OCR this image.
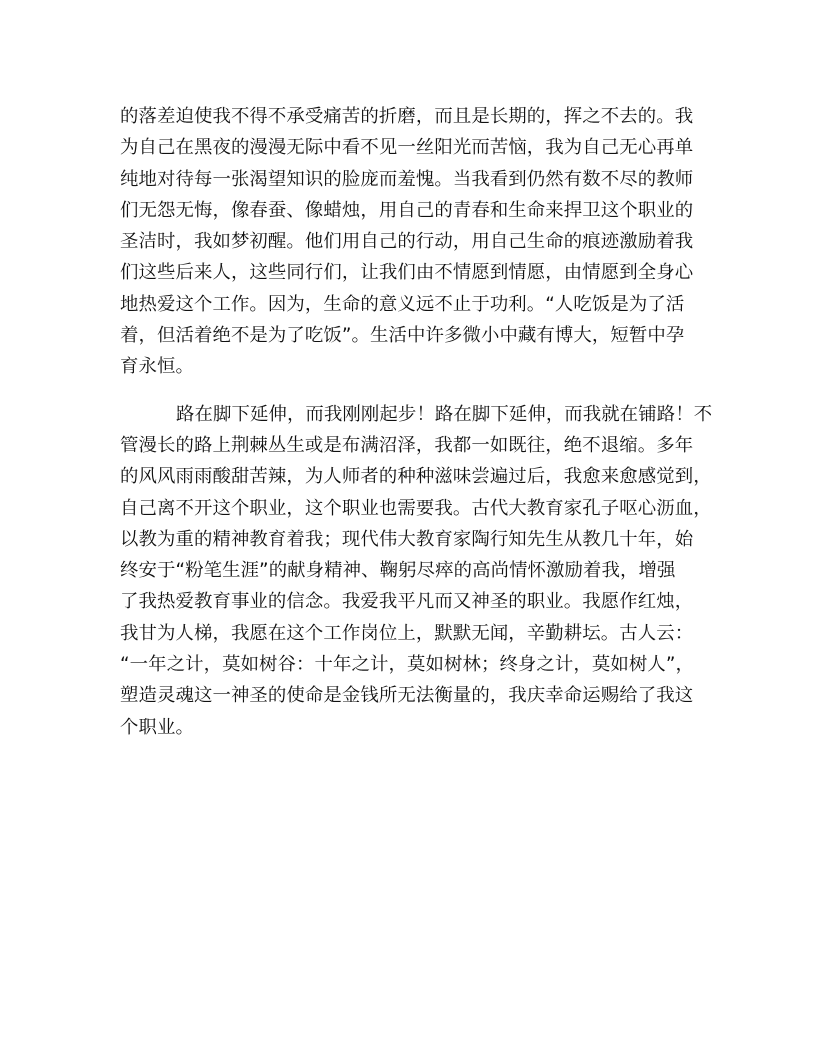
的落差迫使我不得不承受痛苦的折磨，而且是长期的，挥之不去的。我
为自己在黑夜的漫漫无际中看不见一丝阳光而苦恼，我为自己无心再单
纯地对待每一张渴望知识的脸庞而羞愧。当我看到仍然有数不尽的教师
们无怨无悔，像春蚕、像蜡烛，用自己的青春和生命来捍卫这个职业的
圣洁时，我如梦初醒。他们用自己的行动，用自己生命的痕迹激励着我
们这些后来人，这些同行们，让我们由不情愿到情愿，由情愿到全身心
地热爱这个工作。因为，生命的意义远不止于功利。“人吃饭是为了活
着，但活着绝不是为了吃饭”。生活中许多微小中藏有博大，短暂中孕
育永恒。
路在脚下延伸，而我刚刚起步！路在脚下延伸，而我就在铺路！不
管漫长的路上荆棘丛生或是布满沼泽，我都一如既往，绝不退缩。多年
的风风雨雨酸甜苦辣，为人师者的种种滋味尝遍过后，我愈来愈感觉到，
自己离不开这个职业，这个职业也需要我。古代大教育家孔子呕心沥血，
以教为重的精神教育着我；现代伟大教育家陶行知先生从教几十年，始
终安于“粉笔生涯”的献身精神、鞠躬尽瘁的高尚情怀激励着我，增强
了我热爱教育事业的信念。我爱我平凡而又神圣的职业。我愿作红烛，
我甘为人梯，我愿在这个工作岗位上，默默无闻，辛勤耕坛。古人云：
“一年之计，莫如树谷：十年之计，莫如树林；终身之计，莫如树人”，
塑造灵魂这一神圣的使命是金钱所无法衡量的，我庆幸命运赐给了我这
个职业。
